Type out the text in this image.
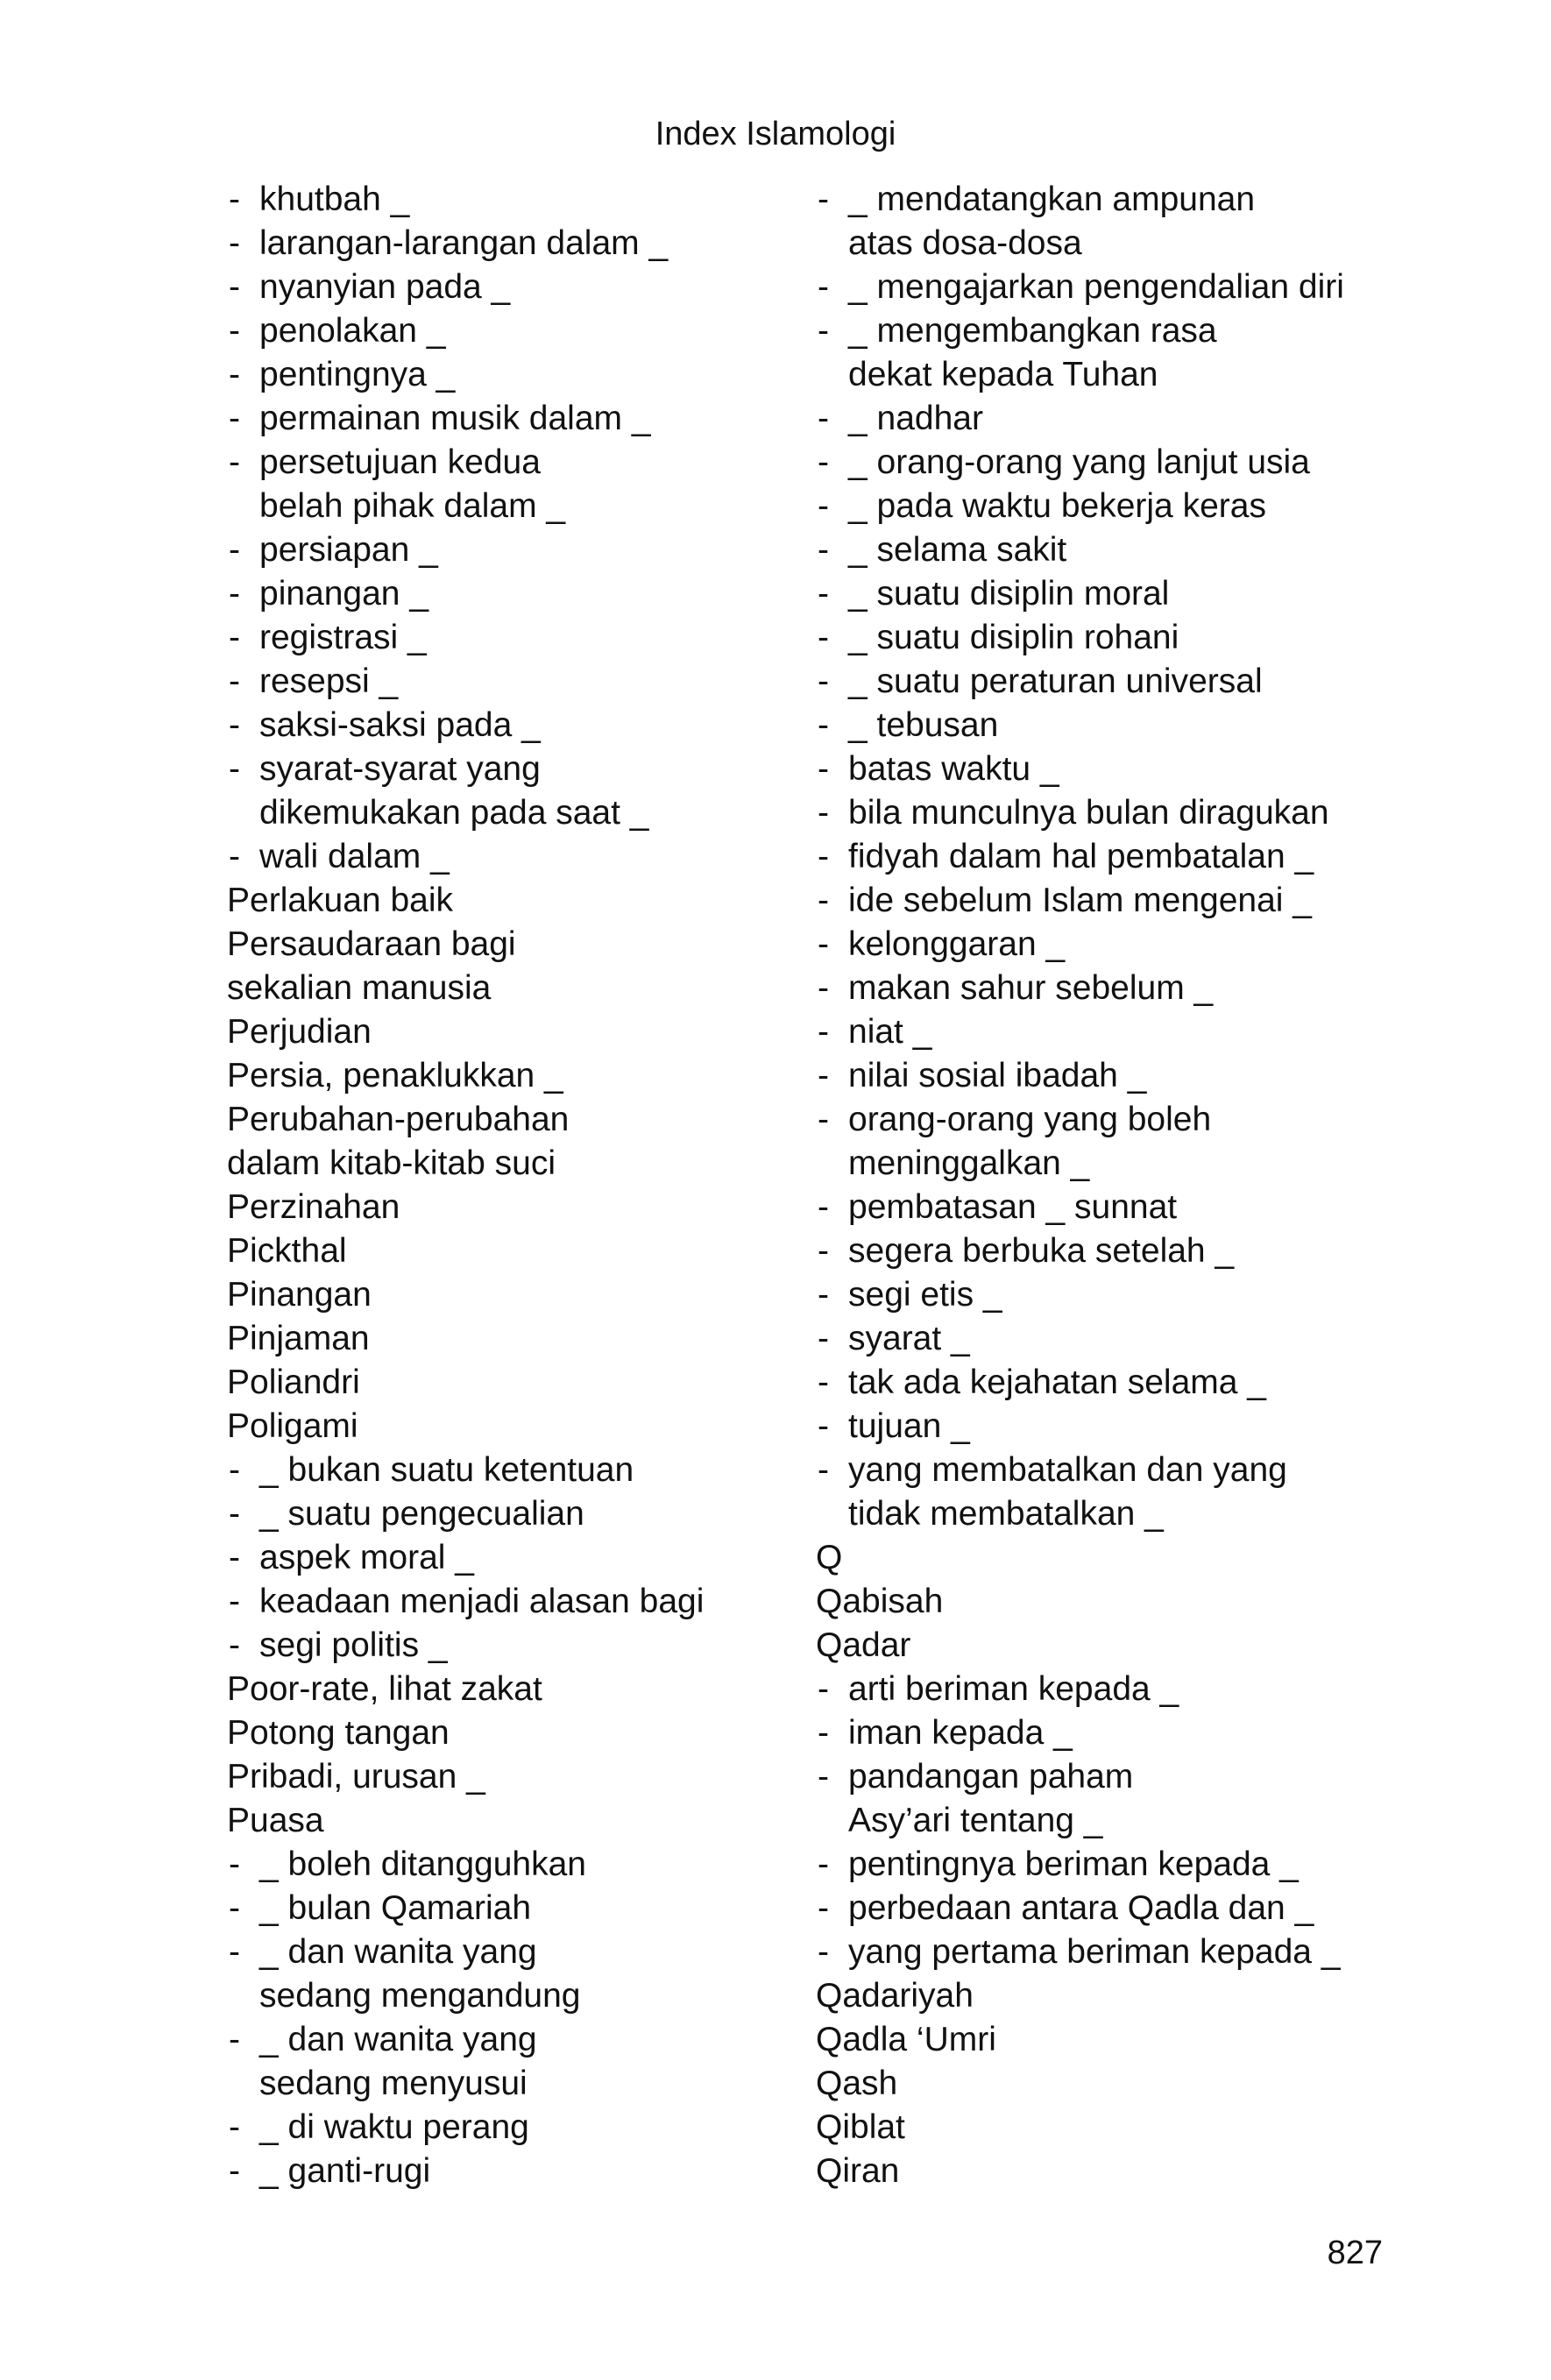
Index Islamologi
- khutbah _
- larangan-larangan dalam _
- nyanyian pada _
- penolakan _
- pentingnya _
- permainan musik dalam _
- persetujuan kedua
belah pihak dalam _
- persiapan _
- pinangan _
- registrasi _
- resepsi _
- saksi-saksi pada _
- syarat-syarat yang
dikemukakan pada saat _
- wali dalam _
Perlakuan baik
Persaudaraan bagi
sekalian manusia
Perjudian
Persia, penaklukkan _
Perubahan-perubahan
dalam kitab-kitab suci
Perzinahan
Pickthal
Pinangan
Pinjaman
Poliandri
Poligami
- _ bukan suatu ketentuan
- _ suatu pengecualian
- aspek moral _
- keadaan menjadi alasan bagi
- segi politis _
Poor-rate, lihat zakat
Potong tangan
Pribadi, urusan _
Puasa
- _ boleh ditangguhkan
- _ bulan Qamariah
- _ dan wanita yang
sedang mengandung
- _ dan wanita yang
sedang menyusui
- _ di waktu perang
- _ ganti-rugi
- _ mendatangkan ampunan
atas dosa-dosa
- _ mengajarkan pengendalian diri
- _ mengembangkan rasa
dekat kepada Tuhan
- _ nadhar
- _ orang-orang yang lanjut usia
- _ pada waktu bekerja keras
- _ selama sakit
- _ suatu disiplin moral
- _ suatu disiplin rohani
- _ suatu peraturan universal
- _ tebusan
- batas waktu _
- bila munculnya bulan diragukan
- fidyah dalam hal pembatalan _
- ide sebelum Islam mengenai _
- kelonggaran _
- makan sahur sebelum _
- niat _
- nilai sosial ibadah _
- orang-orang yang boleh
meninggalkan _
- pembatasan _ sunnat
- segera berbuka setelah _
- segi etis _
- syarat _
- tak ada kejahatan selama _
- tujuan _
- yang membatalkan dan yang
tidak membatalkan _
Q
Qabisah
Qadar
- arti beriman kepada _
- iman kepada _
- pandangan paham
Asy’ari tentang _
- pentingnya beriman kepada _
- perbedaan antara Qadla dan _
- yang pertama beriman kepada _
Qadariyah
Qadla ‘Umri
Qash
Qiblat
Qiran
827
